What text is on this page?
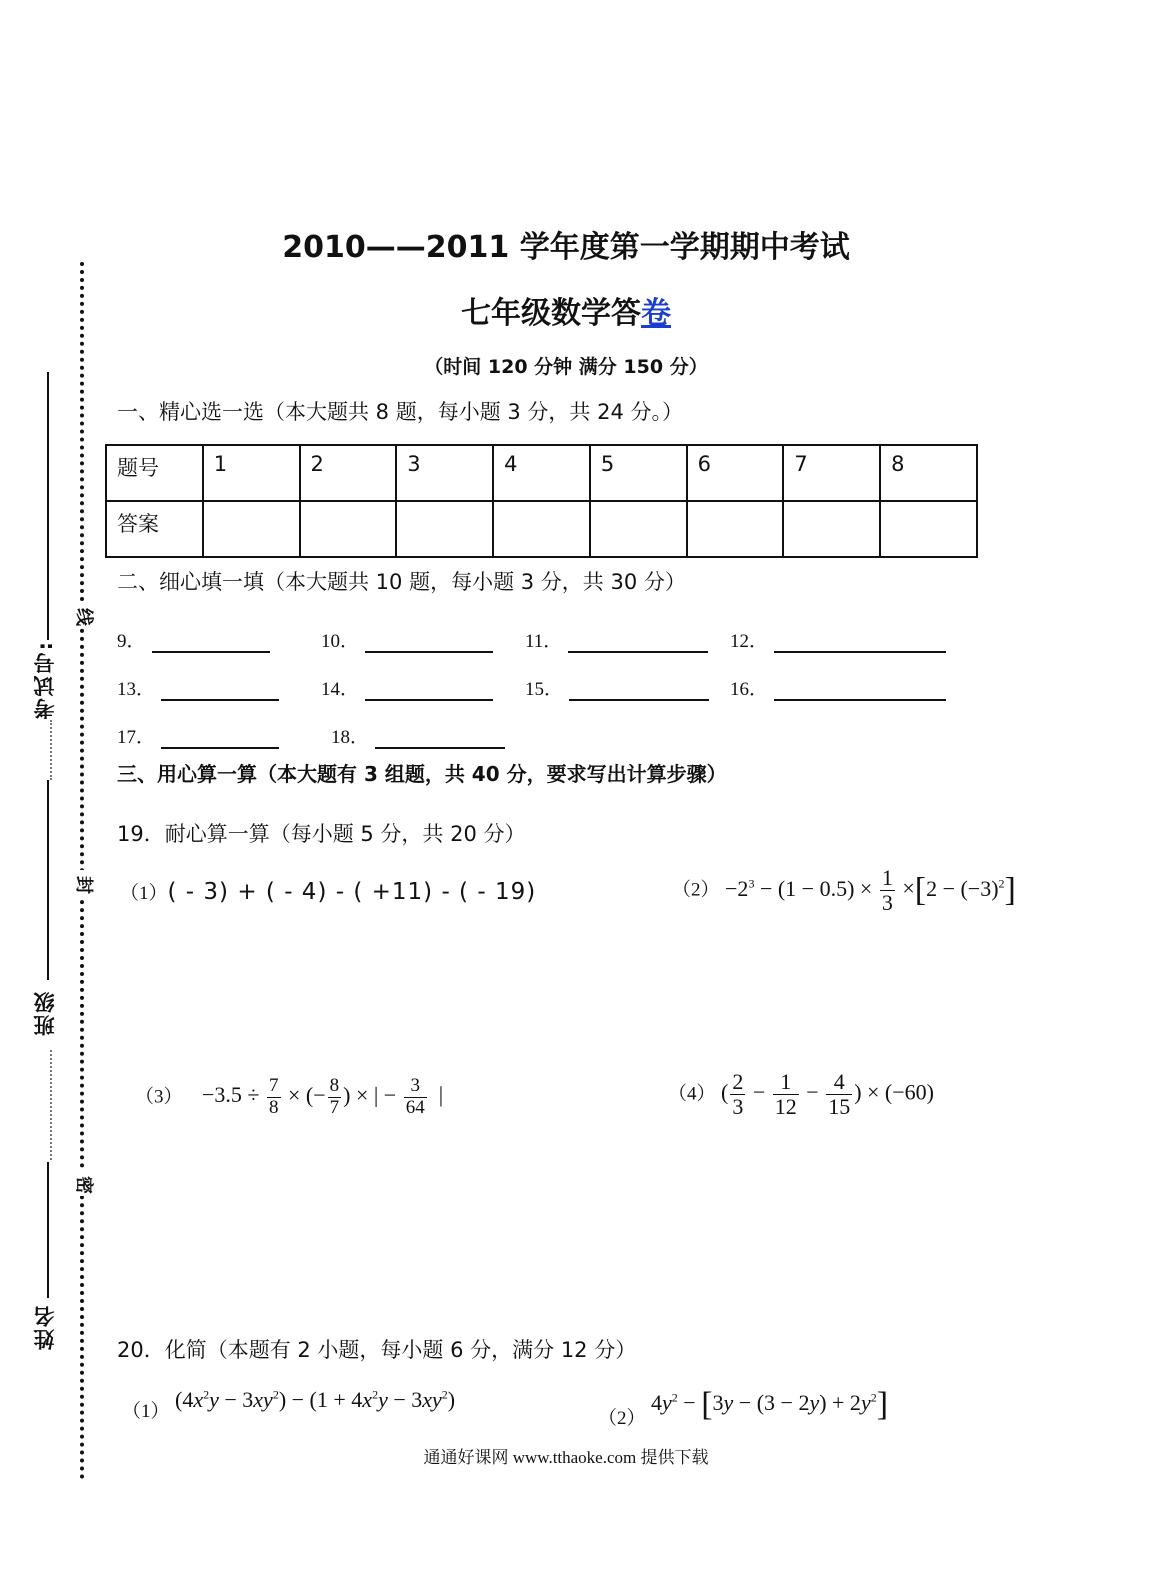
线
封
密
考试号:
班级
姓名
2010——2011 学年度第一学期期中考试
七年级数学答卷
（时间 120 分钟 满分 150 分）
一、精心选一选（本大题共 8 题，每小题 3 分，共 24 分。）
题号	1	2	3	4	5	6	7	8
答案								
二、细心填一填（本大题共 10 题，每小题 3 分，共 30 分）
9．	10．	11．	12．
13．	14．	15．	16．
17．	18．
三、用心算一算（本大题有 3 组题，共 40 分，要求写出计算步骤）
19．耐心算一算（每小题 5 分，共 20 分）
（1）( - 3) + ( - 4) - ( +11) - ( - 19)	$(2) -2^3 - (1 - 0.5) \times \frac{1}{3} \times[2 - (-3)^2]$
$(3) -3.5 \div \frac{7}{8}$ × (− $\frac{8}{7}$ ) × | − $\frac{3}{64}$ |	（4） ( $\frac{2}{3} - \frac{1}{12} - \frac{4}{15}$ ) × (−60)
20．化简（本题有 2 小题，每小题 6 分，满分 12 分）
（1） $(4x^2y - 3xy^2) - (1 + 4x^2y - 3xy^2)$
（2） $4y^2 - [3y - (3 - 2y) + 2y^2]$
通通好课网 www.tthaoke.com 提供下载
